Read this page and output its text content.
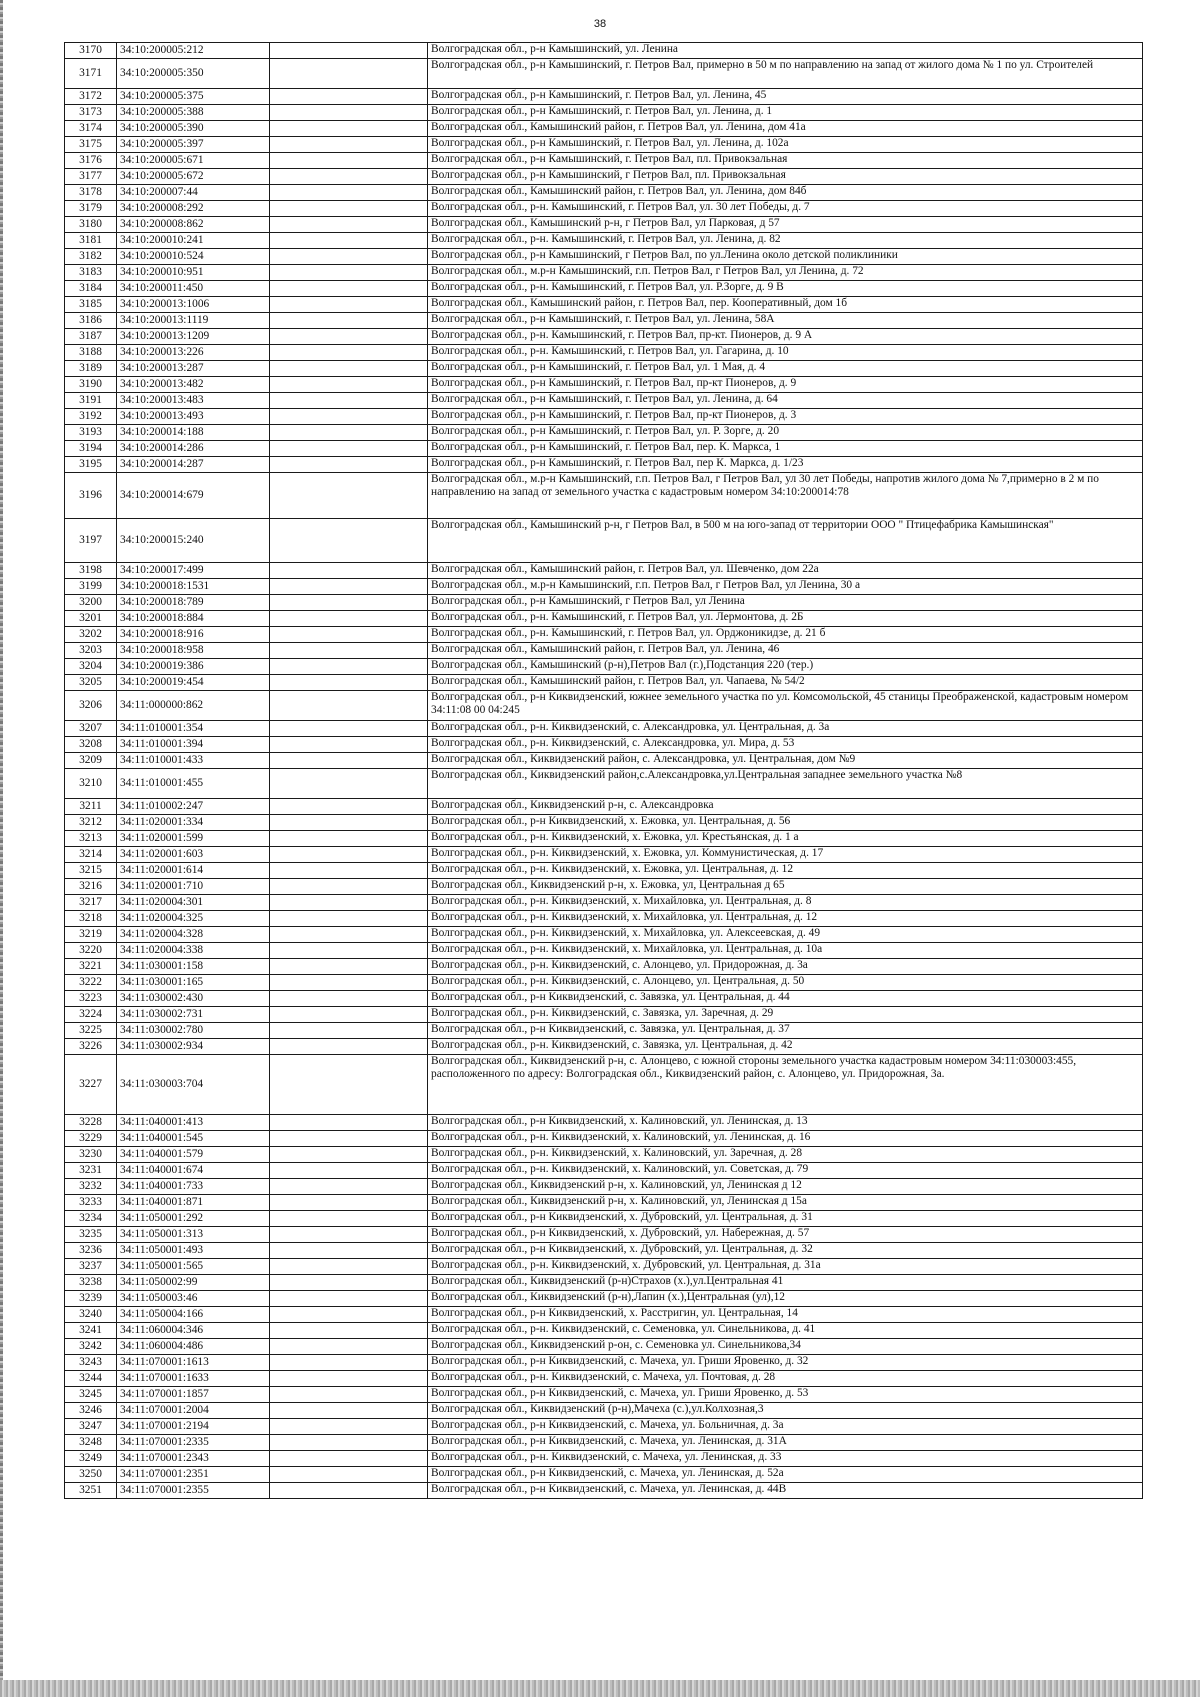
38
3170	34:10:200005:212		Волгоградская обл., р-н Камышинский, ул. Ленина
3171	34:10:200005:350		Волгоградская обл., р-н Камышинский, г. Петров Вал, примерно в 50 м по направлению на запад от жилого дома № 1 по ул. Строителей
3172	34:10:200005:375		Волгоградская обл., р-н Камышинский, г. Петров Вал, ул. Ленина, 45
3173	34:10:200005:388		Волгоградская обл., р-н Камышинский, г. Петров Вал, ул. Ленина, д. 1
3174	34:10:200005:390		Волгоградская обл., Камышинский район, г. Петров Вал, ул. Ленина, дом 41а
3175	34:10:200005:397		Волгоградская обл., р-н Камышинский, г. Петров Вал, ул. Ленина, д. 102а
3176	34:10:200005:671		Волгоградская обл., р-н Камышинский, г. Петров Вал, пл. Привокзальная
3177	34:10:200005:672		Волгоградская обл., р-н Камышинский, г Петров Вал, пл. Привокзальная
3178	34:10:200007:44		Волгоградская обл., Камышинский район, г. Петров Вал, ул. Ленина, дом 84б
3179	34:10:200008:292		Волгоградская обл., р-н. Камышинский, г. Петров Вал, ул. 30 лет Победы, д. 7
3180	34:10:200008:862		Волгоградская обл., Камышинский р-н, г Петров Вал, ул Парковая, д 57
3181	34:10:200010:241		Волгоградская обл., р-н. Камышинский, г. Петров Вал, ул. Ленина, д. 82
3182	34:10:200010:524		Волгоградская обл., р-н Камышинский, г Петров Вал, по ул.Ленина около детской поликлиники
3183	34:10:200010:951		Волгоградская обл., м.р-н Камышинский, г.п. Петров Вал, г Петров Вал, ул Ленина, д. 72
3184	34:10:200011:450		Волгоградская обл., р-н. Камышинский, г. Петров Вал, ул. Р.Зорге, д. 9 В
3185	34:10:200013:1006		Волгоградская обл., Камышинский район, г. Петров Вал, пер. Кооперативный, дом 1б
3186	34:10:200013:1119		Волгоградская обл., р-н Камышинский, г. Петров Вал, ул. Ленина, 58А
3187	34:10:200013:1209		Волгоградская обл., р-н. Камышинский, г. Петров Вал, пр-кт. Пионеров, д. 9 А
3188	34:10:200013:226		Волгоградская обл., р-н. Камышинский, г. Петров Вал, ул. Гагарина, д. 10
3189	34:10:200013:287		Волгоградская обл., р-н Камышинский, г. Петров Вал, ул. 1 Мая, д. 4
3190	34:10:200013:482		Волгоградская обл., р-н Камышинский, г. Петров Вал, пр-кт Пионеров, д. 9
3191	34:10:200013:483		Волгоградская обл., р-н Камышинский, г. Петров Вал, ул. Ленина, д. 64
3192	34:10:200013:493		Волгоградская обл., р-н Камышинский, г. Петров Вал, пр-кт Пионеров, д. 3
3193	34:10:200014:188		Волгоградская обл., р-н Камышинский, г. Петров Вал, ул. Р. Зорге, д. 20
3194	34:10:200014:286		Волгоградская обл., р-н Камышинский, г. Петров Вал, пер. К. Маркса, 1
3195	34:10:200014:287		Волгоградская обл., р-н Камышинский, г. Петров Вал, пер К. Маркса, д. 1/23
3196	34:10:200014:679		Волгоградская обл., м.р-н Камышинский, г.п. Петров Вал, г Петров Вал, ул 30 лет Победы, напротив жилого дома № 7,примерно в 2 м по направлению на запад от земельного участка с кадастровым номером 34:10:200014:78
3197	34:10:200015:240		Волгоградская обл., Камышинский р-н, г Петров Вал, в 500 м на юго-запад от территории ООО " Птицефабрика Камышинская"
3198	34:10:200017:499		Волгоградская обл., Камышинский район, г. Петров Вал, ул. Шевченко, дом 22а
3199	34:10:200018:1531		Волгоградская обл., м.р-н Камышинский, г.п. Петров Вал, г Петров Вал, ул Ленина, 30 а
3200	34:10:200018:789		Волгоградская обл., р-н Камышинский, г Петров Вал, ул Ленина
3201	34:10:200018:884		Волгоградская обл., р-н. Камышинский, г. Петров Вал, ул. Лермонтова, д. 2Б
3202	34:10:200018:916		Волгоградская обл., р-н. Камышинский, г. Петров Вал, ул. Орджоникидзе, д. 21 б
3203	34:10:200018:958		Волгоградская обл., Камышинский район, г. Петров Вал, ул. Ленина, 46
3204	34:10:200019:386		Волгоградская обл., Камышинский (р-н),Петров Вал (г.),Подстанция 220 (тер.)
3205	34:10:200019:454		Волгоградская обл., Камышинский район, г. Петров Вал, ул. Чапаева, № 54/2
3206	34:11:000000:862		Волгоградская обл., р-н Киквидзенский, южнее земельного участка по ул. Комсомольской, 45 станицы Преображенской, кадастровым номером 34:11:08 00 04:245
3207	34:11:010001:354		Волгоградская обл., р-н. Киквидзенский, с. Александровка, ул. Центральная, д. 3а
3208	34:11:010001:394		Волгоградская обл., р-н. Киквидзенский, с. Александровка, ул. Мира, д. 53
3209	34:11:010001:433		Волгоградская обл., Киквидзенский район, с. Александровка, ул. Центральная, дом №9
3210	34:11:010001:455		Волгоградская обл., Киквидзенский район,с.Александровка,ул.Центральная западнее земельного участка №8
3211	34:11:010002:247		Волгоградская обл., Киквидзенский р-н, с. Александровка
3212	34:11:020001:334		Волгоградская обл., р-н Киквидзенский, х. Ежовка, ул. Центральная, д. 56
3213	34:11:020001:599		Волгоградская обл., р-н. Киквидзенский, х. Ежовка, ул. Крестьянская, д. 1 а
3214	34:11:020001:603		Волгоградская обл., р-н. Киквидзенский, х. Ежовка, ул. Коммунистическая, д. 17
3215	34:11:020001:614		Волгоградская обл., р-н. Киквидзенский, х. Ежовка, ул. Центральная, д. 12
3216	34:11:020001:710		Волгоградская обл., Киквидзенский р-н, х. Ежовка, ул, Центральная д 65
3217	34:11:020004:301		Волгоградская обл., р-н. Киквидзенский, х. Михайловка, ул. Центральная, д. 8
3218	34:11:020004:325		Волгоградская обл., р-н. Киквидзенский, х. Михайловка, ул. Центральная, д. 12
3219	34:11:020004:328		Волгоградская обл., р-н. Киквидзенский, х. Михайловка, ул. Алексеевская, д. 49
3220	34:11:020004:338		Волгоградская обл., р-н. Киквидзенский, х. Михайловка, ул. Центральная, д. 10а
3221	34:11:030001:158		Волгоградская обл., р-н. Киквидзенский, с. Алонцево, ул. Придорожная, д. 3а
3222	34:11:030001:165		Волгоградская обл., р-н. Киквидзенский, с. Алонцево, ул. Центральная, д. 50
3223	34:11:030002:430		Волгоградская обл., р-н Киквидзенский, с. Завязка, ул. Центральная, д. 44
3224	34:11:030002:731		Волгоградская обл., р-н. Киквидзенский, с. Завязка, ул. Заречная, д. 29
3225	34:11:030002:780		Волгоградская обл., р-н Киквидзенский, с. Завязка, ул. Центральная, д. 37
3226	34:11:030002:934		Волгоградская обл., р-н. Киквидзенский, с. Завязка, ул. Центральная, д. 42
3227	34:11:030003:704		Волгоградская обл., Киквидзенский р-н, с. Алонцево, с южной стороны земельного участка кадастровым номером 34:11:030003:455, расположенного по адресу: Волгоградская обл., Киквидзенский район, с. Алонцево, ул. Придорожная, 3а.
3228	34:11:040001:413		Волгоградская обл., р-н Киквидзенский, х. Калиновский, ул. Ленинская, д. 13
3229	34:11:040001:545		Волгоградская обл., р-н. Киквидзенский, х. Калиновский, ул. Ленинская, д. 16
3230	34:11:040001:579		Волгоградская обл., р-н. Киквидзенский, х. Калиновский, ул. Заречная, д. 28
3231	34:11:040001:674		Волгоградская обл., р-н. Киквидзенский, х. Калиновский, ул. Советская, д. 79
3232	34:11:040001:733		Волгоградская обл., Киквидзенский р-н, х. Калиновский, ул, Ленинская д 12
3233	34:11:040001:871		Волгоградская обл., Киквидзенский р-н, х. Калиновский, ул, Ленинская д 15а
3234	34:11:050001:292		Волгоградская обл., р-н Киквидзенский, х. Дубровский, ул. Центральная, д. 31
3235	34:11:050001:313		Волгоградская обл., р-н Киквидзенский, х. Дубровский, ул. Набережная, д. 57
3236	34:11:050001:493		Волгоградская обл., р-н Киквидзенский, х. Дубровский, ул. Центральная, д. 32
3237	34:11:050001:565		Волгоградская обл., р-н. Киквидзенский, х. Дубровский, ул. Центральная, д. 31а
3238	34:11:050002:99		Волгоградская обл., Киквидзенский (р-н)Страхов (х.),ул.Центральная 41
3239	34:11:050003:46		Волгоградская обл., Киквидзенский (р-н),Лапин (х.),Центральная (ул),12
3240	34:11:050004:166		Волгоградская обл., р-н Киквидзенский, х. Расстригин, ул. Центральная, 14
3241	34:11:060004:346		Волгоградская обл., р-н. Киквидзенский, с. Семеновка, ул. Синельникова, д. 41
3242	34:11:060004:486		Волгоградская обл., Киквидзенский р-он, с. Семеновка ул. Синельникова,34
3243	34:11:070001:1613		Волгоградская обл., р-н Киквидзенский, с. Мачеха, ул. Гриши Яровенко, д. 32
3244	34:11:070001:1633		Волгоградская обл., р-н. Киквидзенский, с. Мачеха, ул. Почтовая, д. 28
3245	34:11:070001:1857		Волгоградская обл., р-н Киквидзенский, с. Мачеха, ул. Гриши Яровенко, д. 53
3246	34:11:070001:2004		Волгоградская обл., Киквидзенский (р-н),Мачеха (с.),ул.Колхозная,3
3247	34:11:070001:2194		Волгоградская обл., р-н Киквидзенский, с. Мачеха, ул. Больничная, д. 3а
3248	34:11:070001:2335		Волгоградская обл., р-н Киквидзенский, с. Мачеха, ул. Ленинская, д. 31А
3249	34:11:070001:2343		Волгоградская обл., р-н. Киквидзенский, с. Мачеха, ул. Ленинская, д. 33
3250	34:11:070001:2351		Волгоградская обл., р-н Киквидзенский, с. Мачеха, ул. Ленинская, д. 52а
3251	34:11:070001:2355		Волгоградская обл., р-н Киквидзенский, с. Мачеха, ул. Ленинская, д. 44В
